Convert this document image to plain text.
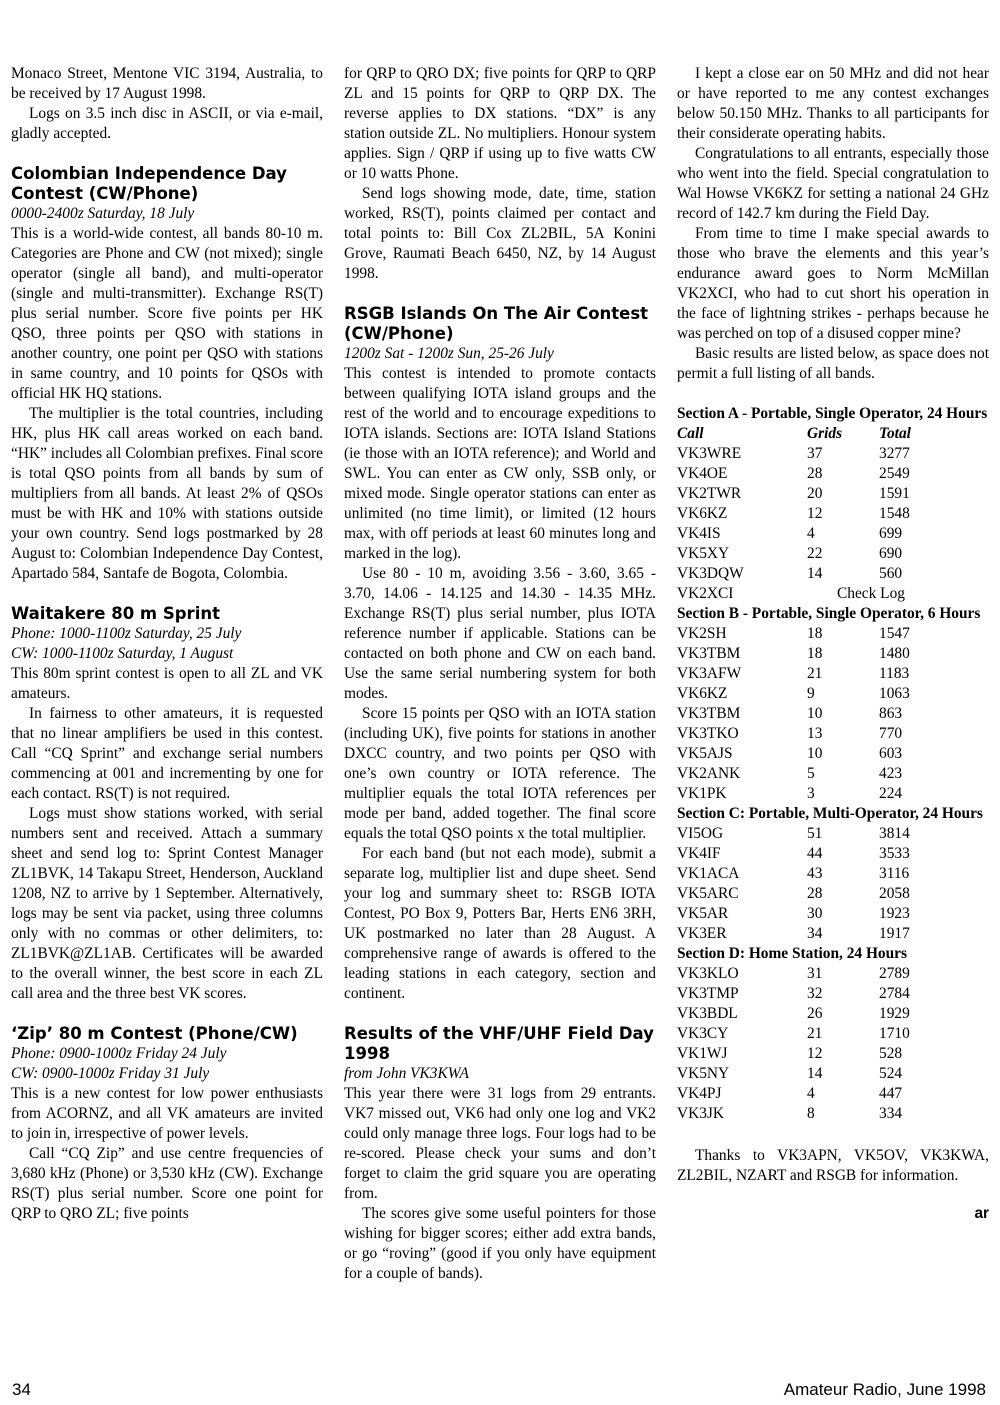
Monaco Street, Mentone VIC 3194, Australia, to be received by 17 August 1998.

Logs on 3.5 inch disc in ASCII, or via e-mail, gladly accepted.

Colombian Independence Day Contest (CW/Phone)

0000-2400z Saturday, 18 July

This is a world-wide contest, all bands 80-10 m. Categories are Phone and CW (not mixed); single operator (single all band), and multi-operator (single and multi-transmitter). Exchange RS(T) plus serial number. Score five points per HK QSO, three points per QSO with stations in another country, one point per QSO with stations in same country, and 10 points for QSOs with official HK HQ stations.

The multiplier is the total countries, including HK, plus HK call areas worked on each band. “HK” includes all Colombian prefixes. Final score is total QSO points from all bands by sum of multipliers from all bands. At least 2% of QSOs must be with HK and 10% with stations outside your own country. Send logs postmarked by 28 August to: Colombian Independence Day Contest, Apartado 584, Santafe de Bogota, Colombia.

Waitakere 80 m Sprint

Phone: 1000-1100z Saturday, 25 July

CW: 1000-1100z Saturday, 1 August

This 80m sprint contest is open to all ZL and VK amateurs.

In fairness to other amateurs, it is requested that no linear amplifiers be used in this contest. Call “CQ Sprint” and exchange serial numbers commencing at 001 and incrementing by one for each contact. RS(T) is not required.

Logs must show stations worked, with serial numbers sent and received. Attach a summary sheet and send log to: Sprint Contest Manager ZL1BVK, 14 Takapu Street, Henderson, Auckland 1208, NZ to arrive by 1 September. Alternatively, logs may be sent via packet, using three columns only with no commas or other delimiters, to: ZL1BVK@ZL1AB. Certificates will be awarded to the overall winner, the best score in each ZL call area and the three best VK scores.

‘Zip’ 80 m Contest (Phone/CW)

Phone: 0900-1000z Friday 24 July

CW: 0900-1000z Friday 31 July

This is a new contest for low power enthusiasts from ACORNZ, and all VK amateurs are invited to join in, irrespective of power levels.

Call “CQ Zip” and use centre frequencies of 3,680 kHz (Phone) or 3,530 kHz (CW). Exchange RS(T) plus serial number. Score one point for QRP to QRO ZL; five points

for QRP to QRO DX; five points for QRP to QRP ZL and 15 points for QRP to QRP DX. The reverse applies to DX stations. “DX” is any station outside ZL. No multipliers. Honour system applies. Sign / QRP if using up to five watts CW or 10 watts Phone.

Send logs showing mode, date, time, station worked, RS(T), points claimed per contact and total points to: Bill Cox ZL2BIL, 5A Konini Grove, Raumati Beach 6450, NZ, by 14 August 1998.

RSGB Islands On The Air Contest (CW/Phone)

1200z Sat - 1200z Sun, 25-26 July

This contest is intended to promote contacts between qualifying IOTA island groups and the rest of the world and to encourage expeditions to IOTA islands. Sections are: IOTA Island Stations (ie those with an IOTA reference); and World and SWL. You can enter as CW only, SSB only, or mixed mode. Single operator stations can enter as unlimited (no time limit), or limited (12 hours max, with off periods at least 60 minutes long and marked in the log).

Use 80 - 10 m, avoiding 3.56 - 3.60, 3.65 - 3.70, 14.06 - 14.125 and 14.30 - 14.35 MHz. Exchange RS(T) plus serial number, plus IOTA reference number if applicable. Stations can be contacted on both phone and CW on each band. Use the same serial numbering system for both modes.

Score 15 points per QSO with an IOTA station (including UK), five points for stations in another DXCC country, and two points per QSO with one’s own country or IOTA reference. The multiplier equals the total IOTA references per mode per band, added together. The final score equals the total QSO points x the total multiplier.

For each band (but not each mode), submit a separate log, multiplier list and dupe sheet. Send your log and summary sheet to: RSGB IOTA Contest, PO Box 9, Potters Bar, Herts EN6 3RH, UK postmarked no later than 28 August. A comprehensive range of awards is offered to the leading stations in each category, section and continent.

Results of the VHF/UHF Field Day 1998

from John VK3KWA

This year there were 31 logs from 29 entrants. VK7 missed out, VK6 had only one log and VK2 could only manage three logs. Four logs had to be re-scored. Please check your sums and don’t forget to claim the grid square you are operating from.

The scores give some useful pointers for those wishing for bigger scores; either add extra bands, or go “roving” (good if you only have equipment for a couple of bands).

I kept a close ear on 50 MHz and did not hear or have reported to me any contest exchanges below 50.150 MHz. Thanks to all participants for their considerate operating habits.

Congratulations to all entrants, especially those who went into the field. Special congratulation to Wal Howse VK6KZ for setting a national 24 GHz record of 142.7 km during the Field Day.

From time to time I make special awards to those who brave the elements and this year’s endurance award goes to Norm McMillan VK2XCI, who had to cut short his operation in the face of lightning strikes - perhaps because he was perched on top of a disused copper mine?

Basic results are listed below, as space does not permit a full listing of all bands.

Section A - Portable, Single Operator, 24 Hours

Call	Grids	Total
VK3WRE	37	3277
VK4OE	28	2549
VK2TWR	20	1591
VK6KZ	12	1548
VK4IS	4	699
VK5XY	22	690
VK3DQW	14	560
VK2XCI	Check Log	

Section B - Portable, Single Operator, 6 Hours

VK2SH	18	1547
VK3TBM	18	1480
VK3AFW	21	1183
VK6KZ	9	1063
VK3TBM	10	863
VK3TKO	13	770
VK5AJS	10	603
VK2ANK	5	423
VK1PK	3	224

Section C: Portable, Multi-Operator, 24 Hours

VI5OG	51	3814
VK4IF	44	3533
VK1ACA	43	3116
VK5ARC	28	2058
VK5AR	30	1923
VK3ER	34	1917

Section D: Home Station, 24 Hours

VK3KLO	31	2789
VK3TMP	32	2784
VK3BDL	26	1929
VK3CY	21	1710
VK1WJ	12	528
VK5NY	14	524
VK4PJ	4	447
VK3JK	8	334

Thanks to VK3APN, VK5OV, VK3KWA, ZL2BIL, NZART and RSGB for information.

ar

34	Amateur Radio, June 1998
